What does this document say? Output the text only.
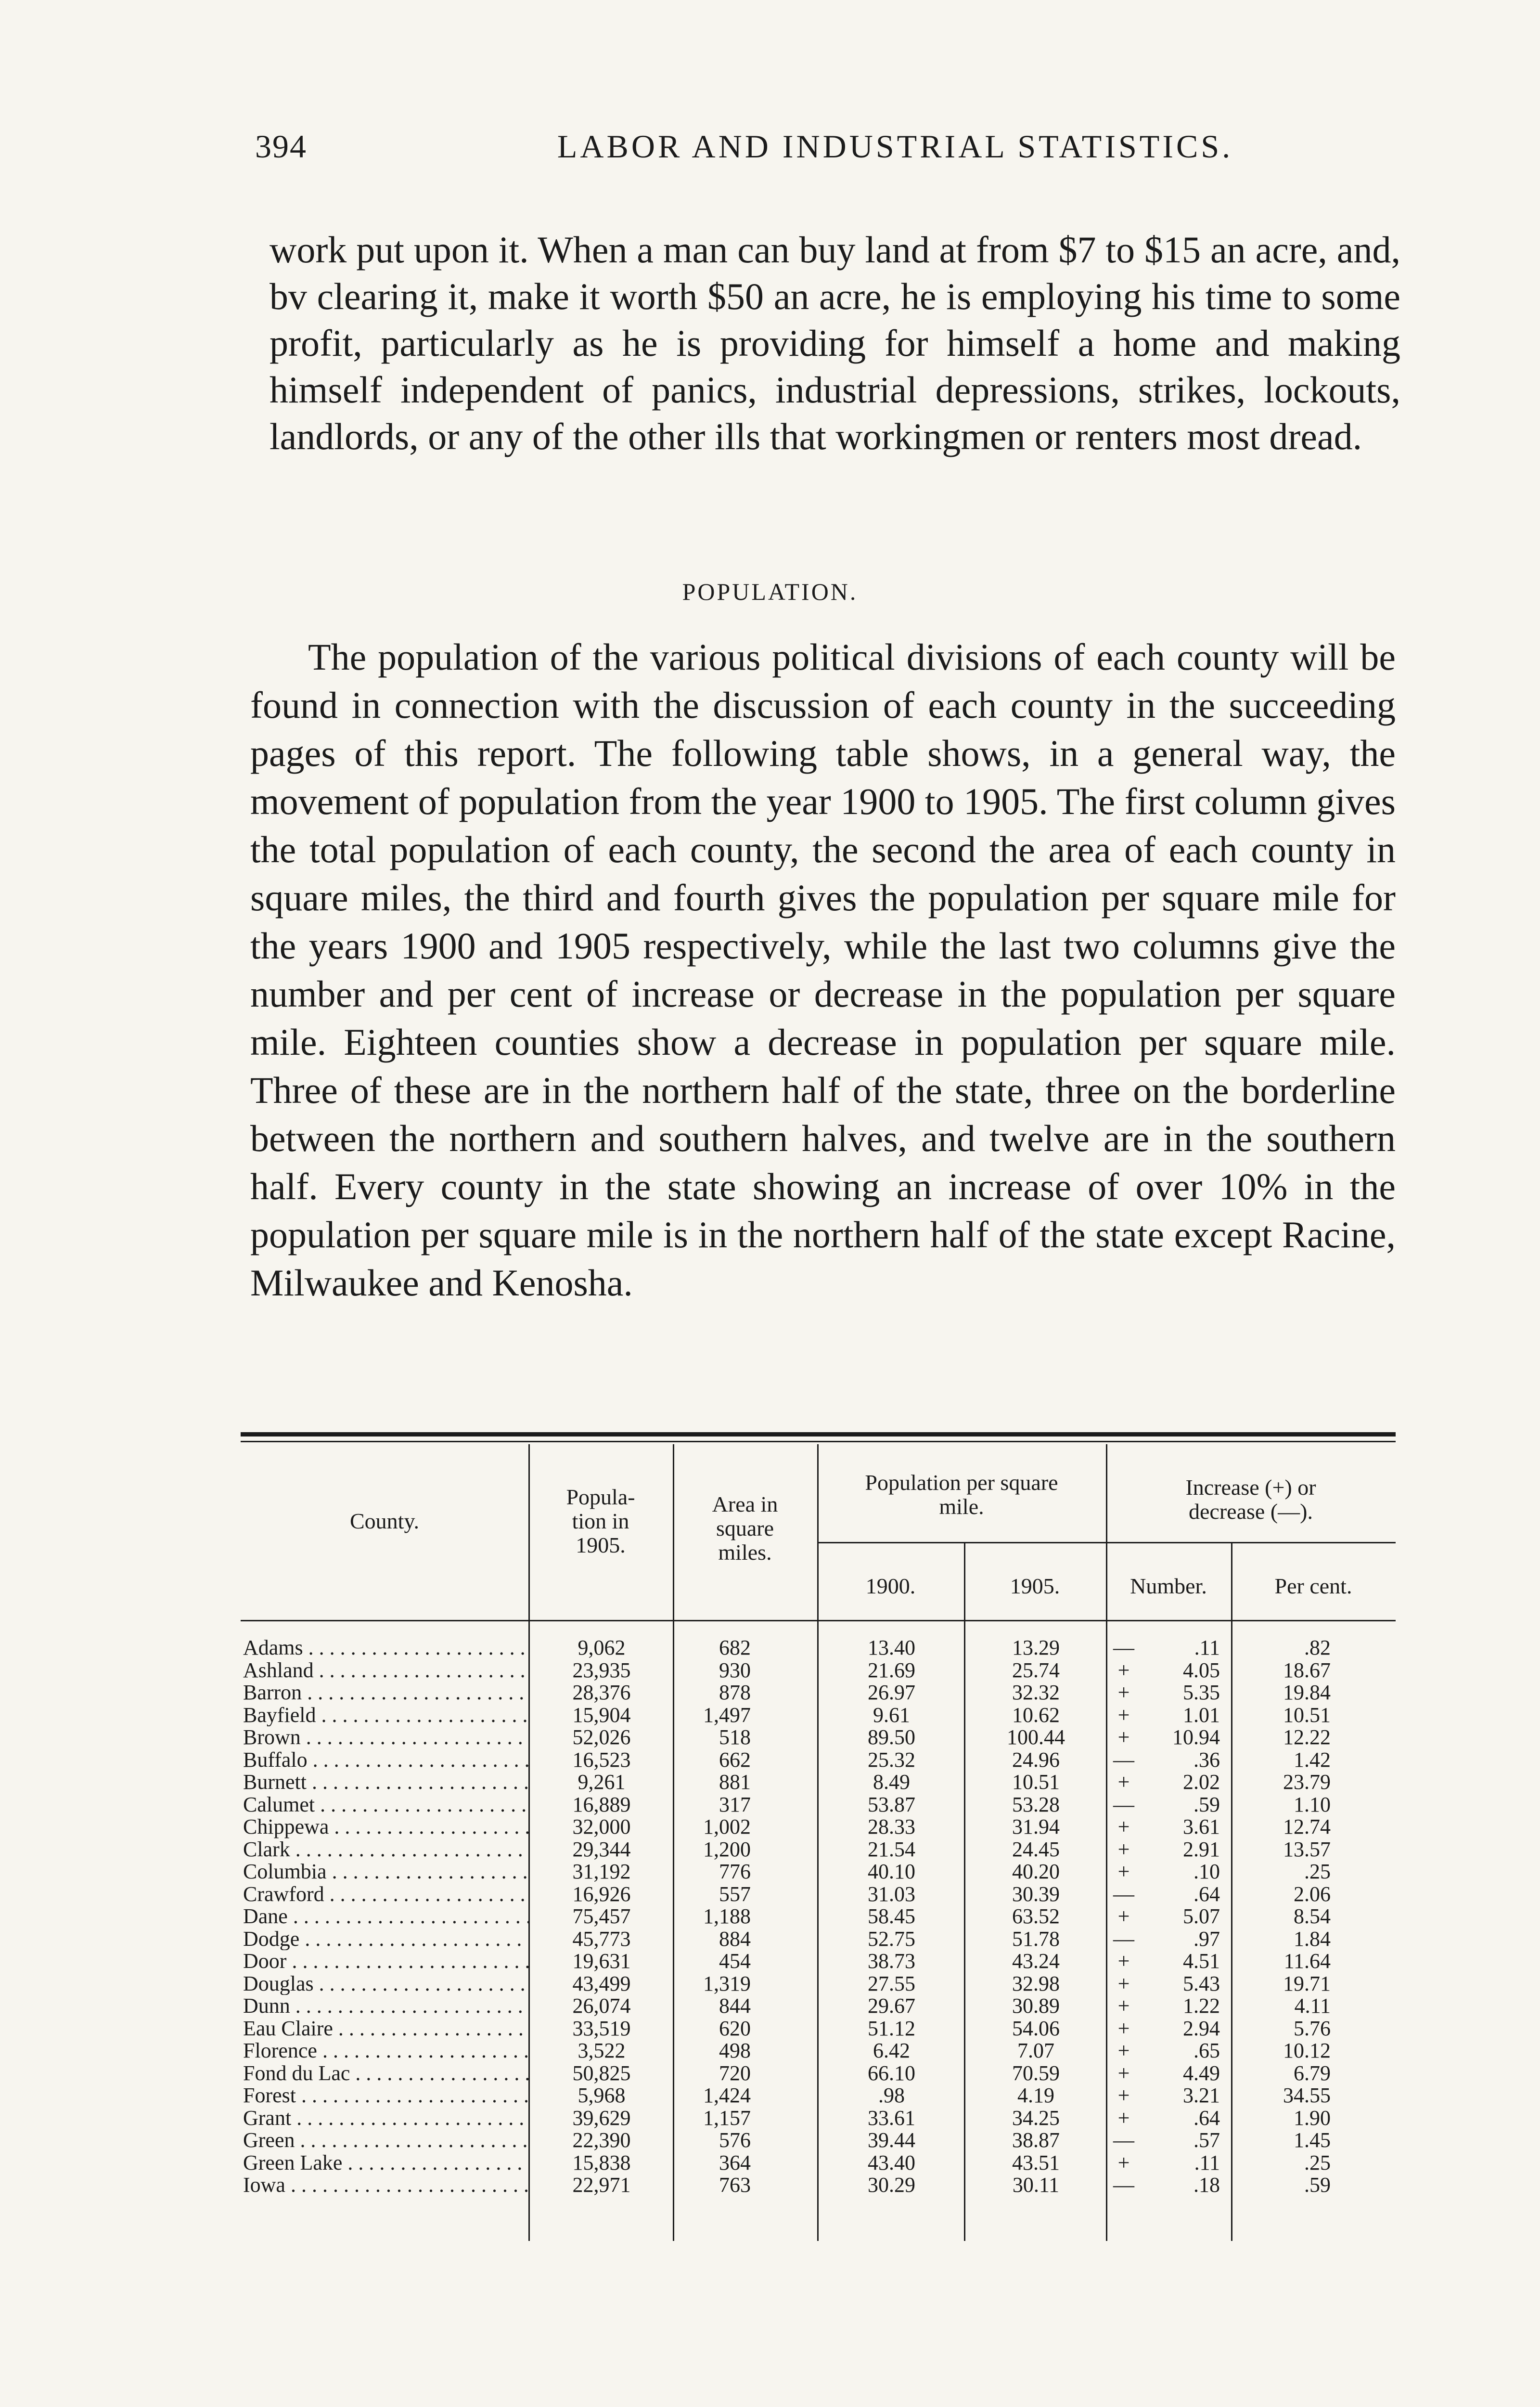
394	LABOR AND INDUSTRIAL STATISTICS.

work put upon it. When a man can buy land at from $7 to $15 an acre, and, bv clearing it, make it worth $50 an acre, he is employing his time to some profit, particularly as he is providing for himself a home and making himself independent of panics, industrial depressions, strikes, lockouts, landlords, or any of the other ills that workingmen or renters most dread.

POPULATION.

The population of the various political divisions of each county will be found in connection with the discussion of each county in the succeeding pages of this report. The following table shows, in a general way, the movement of population from the year 1900 to 1905. The first column gives the total population of each county, the second the area of each county in square miles, the third and fourth gives the population per square mile for the years 1900 and 1905 respectively, while the last two columns give the number and per cent of increase or decrease in the population per square mile. Eighteen counties show a decrease in population per square mile. Three of these are in the northern half of the state, three on the borderline between the northern and southern halves, and twelve are in the southern half. Every county in the state showing an increase of over 10% in the population per square mile is in the northern half of the state except Racine, Milwaukee and Kenosha.

County.
Popula-
tion in
1905.
Area in
square
miles.
Population per square
mile.
1900.	1905.
Increase (+) or
decrease (—).
Number.	Per cent.
Adams . . .	9,062	682	13.40	13.29	—	.11	.82
Ashland . . .	23,935	930	21.69	25.74	+	4.05	18.67
Barron . . .	28,376	878	26.97	32.32	+	5.35	19.84
Bayfield . . .	15,904	1,497	9.61	10.62	+	1.01	10.51
Brown . . .	52,026	518	89.50	100.44	+	10.94	12.22
Buffalo . . .	16,523	662	25.32	24.96	—	.36	1.42
Burnett . . .	9,261	881	8.49	10.51	+	2.02	23.79
Calumet . . .	16,889	317	53.87	53.28	—	.59	1.10
Chippewa . . .	32,000	1,002	28.33	31.94	+	3.61	12.74
Clark . . .	29,344	1,200	21.54	24.45	+	2.91	13.57
Columbia . . .	31,192	776	40.10	40.20	+	.10	.25
Crawford . . .	16,926	557	31.03	30.39	—	.64	2.06
Dane . . .	75,457	1,188	58.45	63.52	+	5.07	8.54
Dodge . . .	45,773	884	52.75	51.78	—	.97	1.84
Door . . .	19,631	454	38.73	43.24	+	4.51	11.64
Douglas . . .	43,499	1,319	27.55	32.98	+	5.43	19.71
Dunn . . .	26,074	844	29.67	30.89	+	1.22	4.11
Eau Claire . . .	33,519	620	51.12	54.06	+	2.94	5.76
Florence . . .	3,522	498	6.42	7.07	+	.65	10.12
Fond du Lac . . .	50,825	720	66.10	70.59	+	4.49	6.79
Forest . . .	5,968	1,424	.98	4.19	+	3.21	34.55
Grant . . .	39,629	1,157	33.61	34.25	+	.64	1.90
Green . . .	22,390	576	39.44	38.87	—	.57	1.45
Green Lake . . .	15,838	364	43.40	43.51	+	.11	.25
Iowa . . .	22,971	763	30.29	30.11	—	.18	.59
